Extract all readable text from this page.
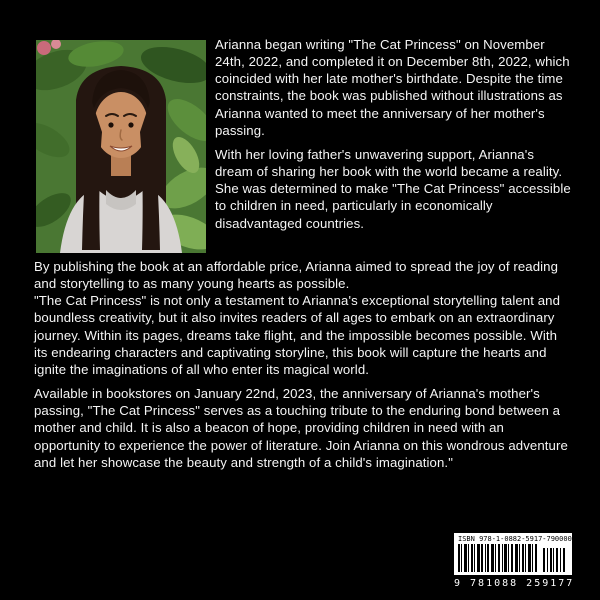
Arianna began writing "The Cat Princess" on November 24th, 2022, and completed it on December 8th, 2022, which coincided with her late mother's birthdate. Despite the time constraints, the book was published without illustrations as Arianna wanted to meet the anniversary of her mother's passing.

With her loving father's unwavering support, Arianna's dream of sharing her book with the world became a reality. She was determined to make "The Cat Princess" accessible to children in need, particularly in economically disadvantaged countries.

By publishing the book at an affordable price, Arianna aimed to spread the joy of reading and storytelling to as many young hearts as possible.

"The Cat Princess" is not only a testament to Arianna's exceptional storytelling talent and boundless creativity, but it also invites readers of all ages to embark on an extraordinary journey. Within its pages, dreams take flight, and the impossible becomes possible. With its endearing characters and captivating storyline, this book will capture the hearts and ignite the imaginations of all who enter its magical world.

Available in bookstores on January 22nd, 2023, the anniversary of Arianna's mother's passing, "The Cat Princess" serves as a touching tribute to the enduring bond between a mother and child. It is also a beacon of hope, providing children in need with an opportunity to experience the power of literature. Join Arianna on this wondrous adventure and let her showcase the beauty and strength of a child's imagination."

ISBN 978-1-0882-5917-7 90000
9 781088 259177
